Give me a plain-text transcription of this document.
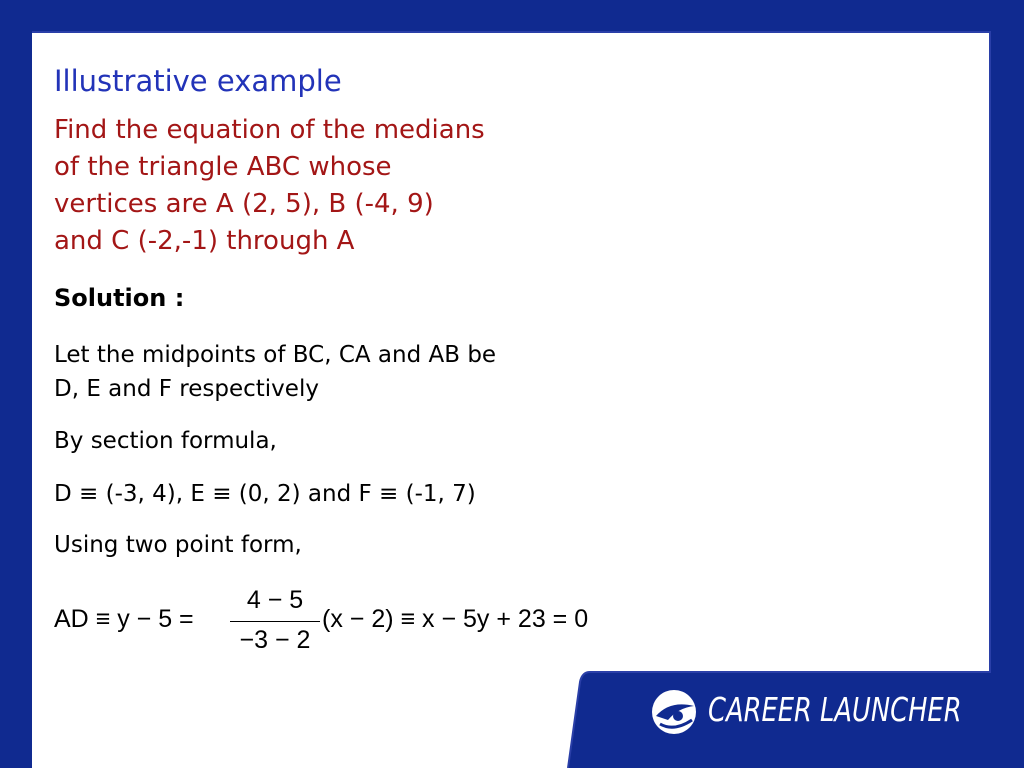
Illustrative example
Find the equation of the medians
of the triangle ABC whose
vertices are A (2, 5), B (-4, 9)
and C (-2,-1) through A
Solution :
Let the midpoints of BC, CA and AB be
D, E and F respectively
By section formula,
D ≡ (-3, 4), E ≡ (0, 2) and F ≡ (-1, 7)
Using two point form,
AD ≡ y − 5 =
4 − 5
−3 − 2
(x − 2) ≡ x − 5y + 23 = 0
CAREER LAUNCHER
